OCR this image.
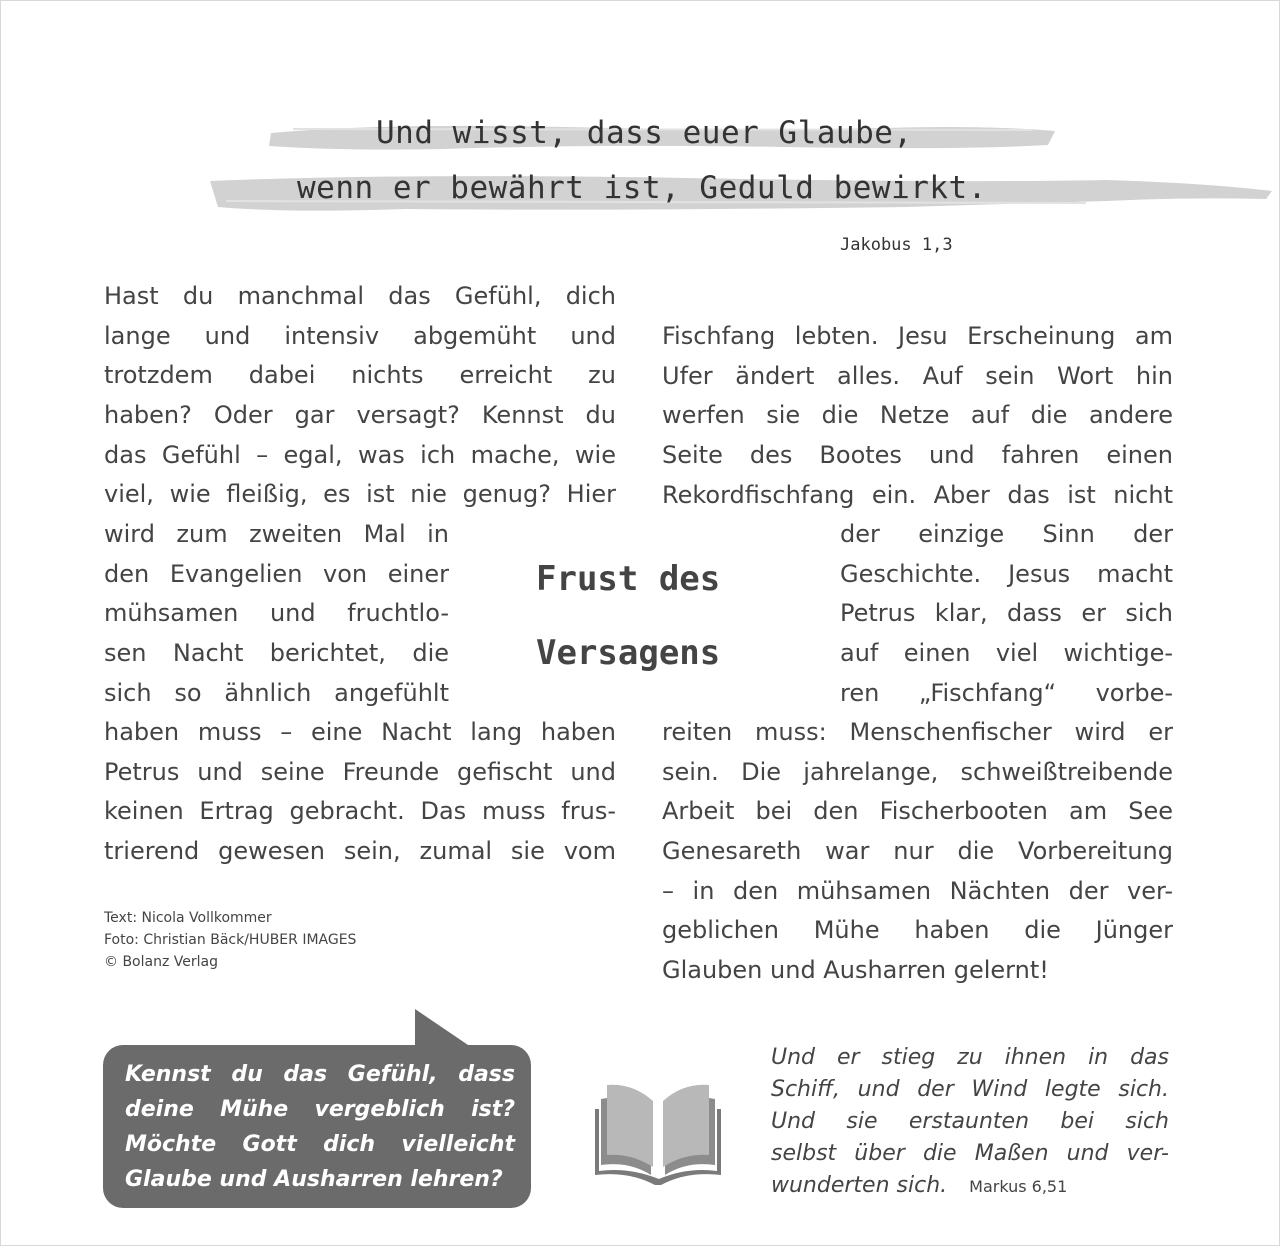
Und wisst, dass euer Glaube,
wenn er bewährt ist, Geduld bewirkt.
Jakobus 1,3
Hast du manchmal das Gefühl, dich
lange und intensiv abgemüht und
trotzdem dabei nichts erreicht zu
haben? Oder gar versagt? Kennst du
das Gefühl – egal, was ich mache, wie
viel, wie fleißig, es ist nie genug? Hier
wird zum zweiten Mal in
den Evangelien von einer
mühsamen und fruchtlo-
sen Nacht berichtet, die
sich so ähnlich angefühlt
haben muss – eine Nacht lang haben
Petrus und seine Freunde gefischt und
keinen Ertrag gebracht. Das muss frus-
trierend gewesen sein, zumal sie vom
Fischfang lebten. Jesu Erscheinung am
Ufer ändert alles. Auf sein Wort hin
werfen sie die Netze auf die andere
Seite des Bootes und fahren einen
Rekordfischfang ein. Aber das ist nicht
der einzige Sinn der
Geschichte. Jesus macht
Petrus klar, dass er sich
auf einen viel wichtige-
ren „Fischfang“ vorbe-
reiten muss: Menschenfischer wird er
sein. Die jahrelange, schweißtreibende
Arbeit bei den Fischerbooten am See
Genesareth war nur die Vorbereitung
– in den mühsamen Nächten der ver-
geblichen Mühe haben die Jünger
Glauben und Ausharren gelernt!
Frust des
Versagens
Text: Nicola Vollkommer
Foto: Christian Bäck/HUBER IMAGES
© Bolanz Verlag
Kennst du das Gefühl, dass
deine Mühe vergeblich ist?
Möchte Gott dich vielleicht
Glaube und Ausharren lehren?
Und er stieg zu ihnen in das
Schiff, und der Wind legte sich.
Und sie erstaunten bei sich
selbst über die Maßen und ver-
wunderten sich. Markus 6,51
